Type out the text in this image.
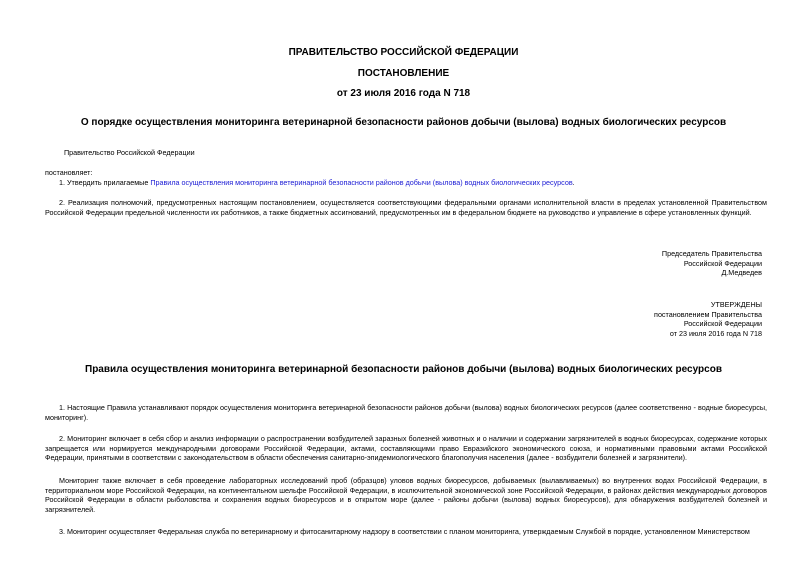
ПРАВИТЕЛЬСТВО РОССИЙСКОЙ ФЕДЕРАЦИИ

ПОСТАНОВЛЕНИЕ

от 23 июля 2016 года N 718

О порядке осуществления мониторинга ветеринарной безопасности районов добычи (вылова) водных биологических ресурсов

Правительство Российской Федерации

постановляет:

1. Утвердить прилагаемые Правила осуществления мониторинга ветеринарной безопасности районов добычи (вылова) водных биологических ресурсов.

2. Реализация полномочий, предусмотренных настоящим постановлением, осуществляется соответствующими федеральными органами исполнительной власти в пределах установленной Правительством Российской Федерации предельной численности их работников, а также бюджетных ассигнований, предусмотренных им в федеральном бюджете на руководство и управление в сфере установленных функций.

Председатель Правительства
Российской Федерации
Д.Медведев
УТВЕРЖДЕНЫ
постановлением Правительства
Российской Федерации
от 23 июля 2016 года N 718

Правила осуществления мониторинга ветеринарной безопасности районов добычи (вылова) водных биологических ресурсов

1. Настоящие Правила устанавливают порядок осуществления мониторинга ветеринарной безопасности районов добычи (вылова) водных биологических ресурсов (далее соответственно - водные биоресурсы, мониторинг).

2. Мониторинг включает в себя сбор и анализ информации о распространении возбудителей заразных болезней животных и о наличии и содержании загрязнителей в водных биоресурсах, содержание которых запрещается или нормируется международными договорами Российской Федерации, актами, составляющими право Евразийского экономического союза, и нормативными правовыми актами Российской Федерации, принятыми в соответствии с законодательством в области обеспечения санитарно-эпидемиологического благополучия населения (далее - возбудители болезней и загрязнители).

Мониторинг также включает в себя проведение лабораторных исследований проб (образцов) уловов водных биоресурсов, добываемых (вылавливаемых) во внутренних водах Российской Федерации, в территориальном море Российской Федерации, на континентальном шельфе Российской Федерации, в исключительной экономической зоне Российской Федерации, в районах действия международных договоров Российской Федерации в области рыболовства и сохранения водных биоресурсов и в открытом море (далее - районы добычи (вылова) водных биоресурсов), для обнаружения возбудителей болезней и загрязнителей.

3. Мониторинг осуществляет Федеральная служба по ветеринарному и фитосанитарному надзору в соответствии с планом мониторинга, утверждаемым Службой в порядке, установленном Министерством
